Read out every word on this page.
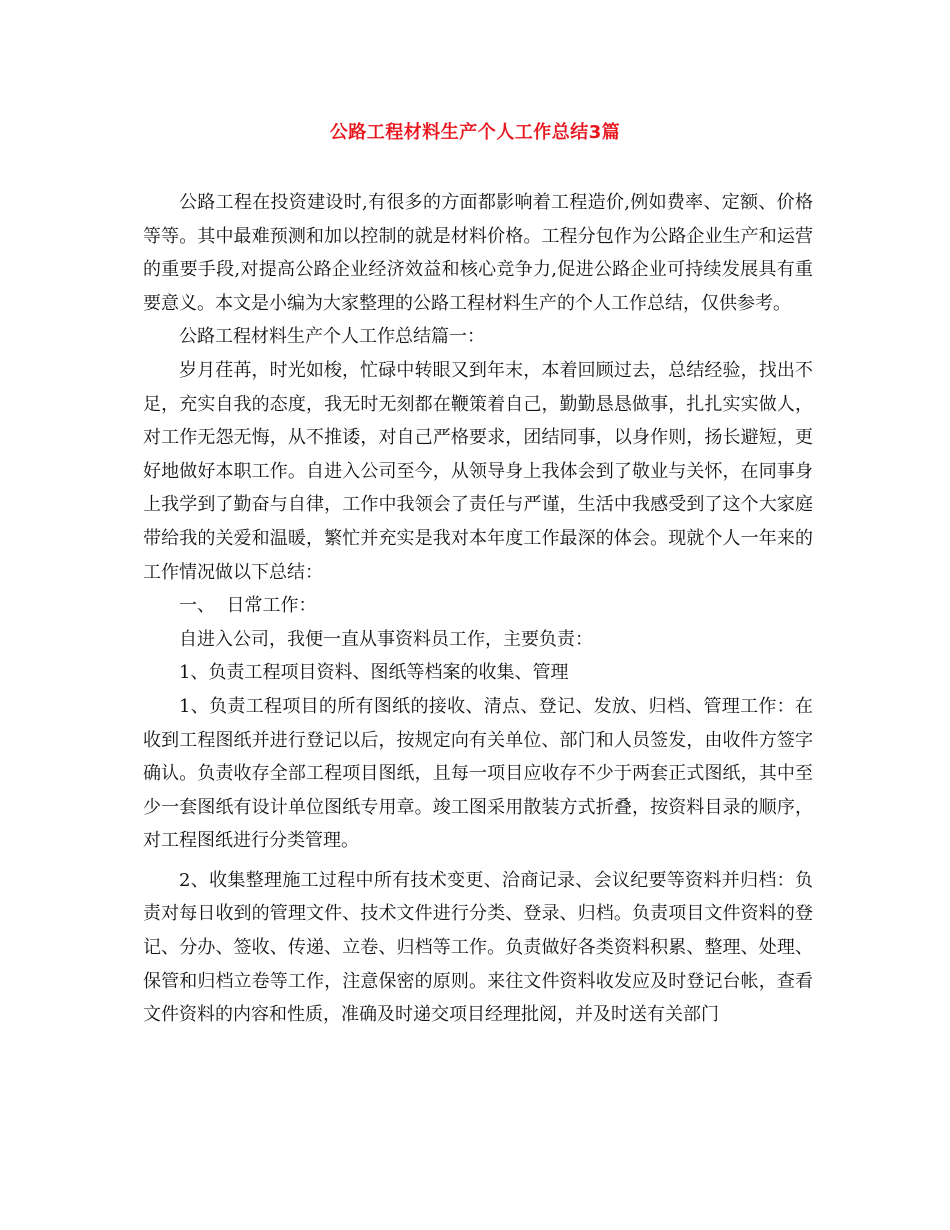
公路工程材料生产个人工作总结3篇

公路工程在投资建设时,有很多的方面都影响着工程造价,例如费率、定额、价格等等。其中最难预测和加以控制的就是材料价格。工程分包作为公路企业生产和运营的重要手段,对提高公路企业经济效益和核心竞争力,促进公路企业可持续发展具有重要意义。本文是小编为大家整理的公路工程材料生产的个人工作总结，仅供参考。

公路工程材料生产个人工作总结篇一：

岁月荏苒，时光如梭，忙碌中转眼又到年末，本着回顾过去，总结经验，找出不足，充实自我的态度，我无时无刻都在鞭策着自己，勤勤恳恳做事，扎扎实实做人，对工作无怨无悔，从不推诿，对自己严格要求，团结同事，以身作则，扬长避短，更好地做好本职工作。自进入公司至今，从领导身上我体会到了敬业与关怀，在同事身上我学到了勤奋与自律，工作中我领会了责任与严谨，生活中我感受到了这个大家庭带给我的关爱和温暖，繁忙并充实是我对本年度工作最深的体会。现就个人一年来的工作情况做以下总结：

一、  日常工作：

自进入公司，我便一直从事资料员工作，主要负责：

1、负责工程项目资料、图纸等档案的收集、管理

1、负责工程项目的所有图纸的接收、清点、登记、发放、归档、管理工作：在收到工程图纸并进行登记以后，按规定向有关单位、部门和人员签发，由收件方签字确认。负责收存全部工程项目图纸，且每一项目应收存不少于两套正式图纸，其中至少一套图纸有设计单位图纸专用章。竣工图采用散装方式折叠，按资料目录的顺序，对工程图纸进行分类管理。

2、收集整理施工过程中所有技术变更、洽商记录、会议纪要等资料并归档：负责对每日收到的管理文件、技术文件进行分类、登录、归档。负责项目文件资料的登记、分办、签收、传递、立卷、归档等工作。负责做好各类资料积累、整理、处理、保管和归档立卷等工作，注意保密的原则。来往文件资料收发应及时登记台帐，查看文件资料的内容和性质，准确及时递交项目经理批阅，并及时送有关部门
